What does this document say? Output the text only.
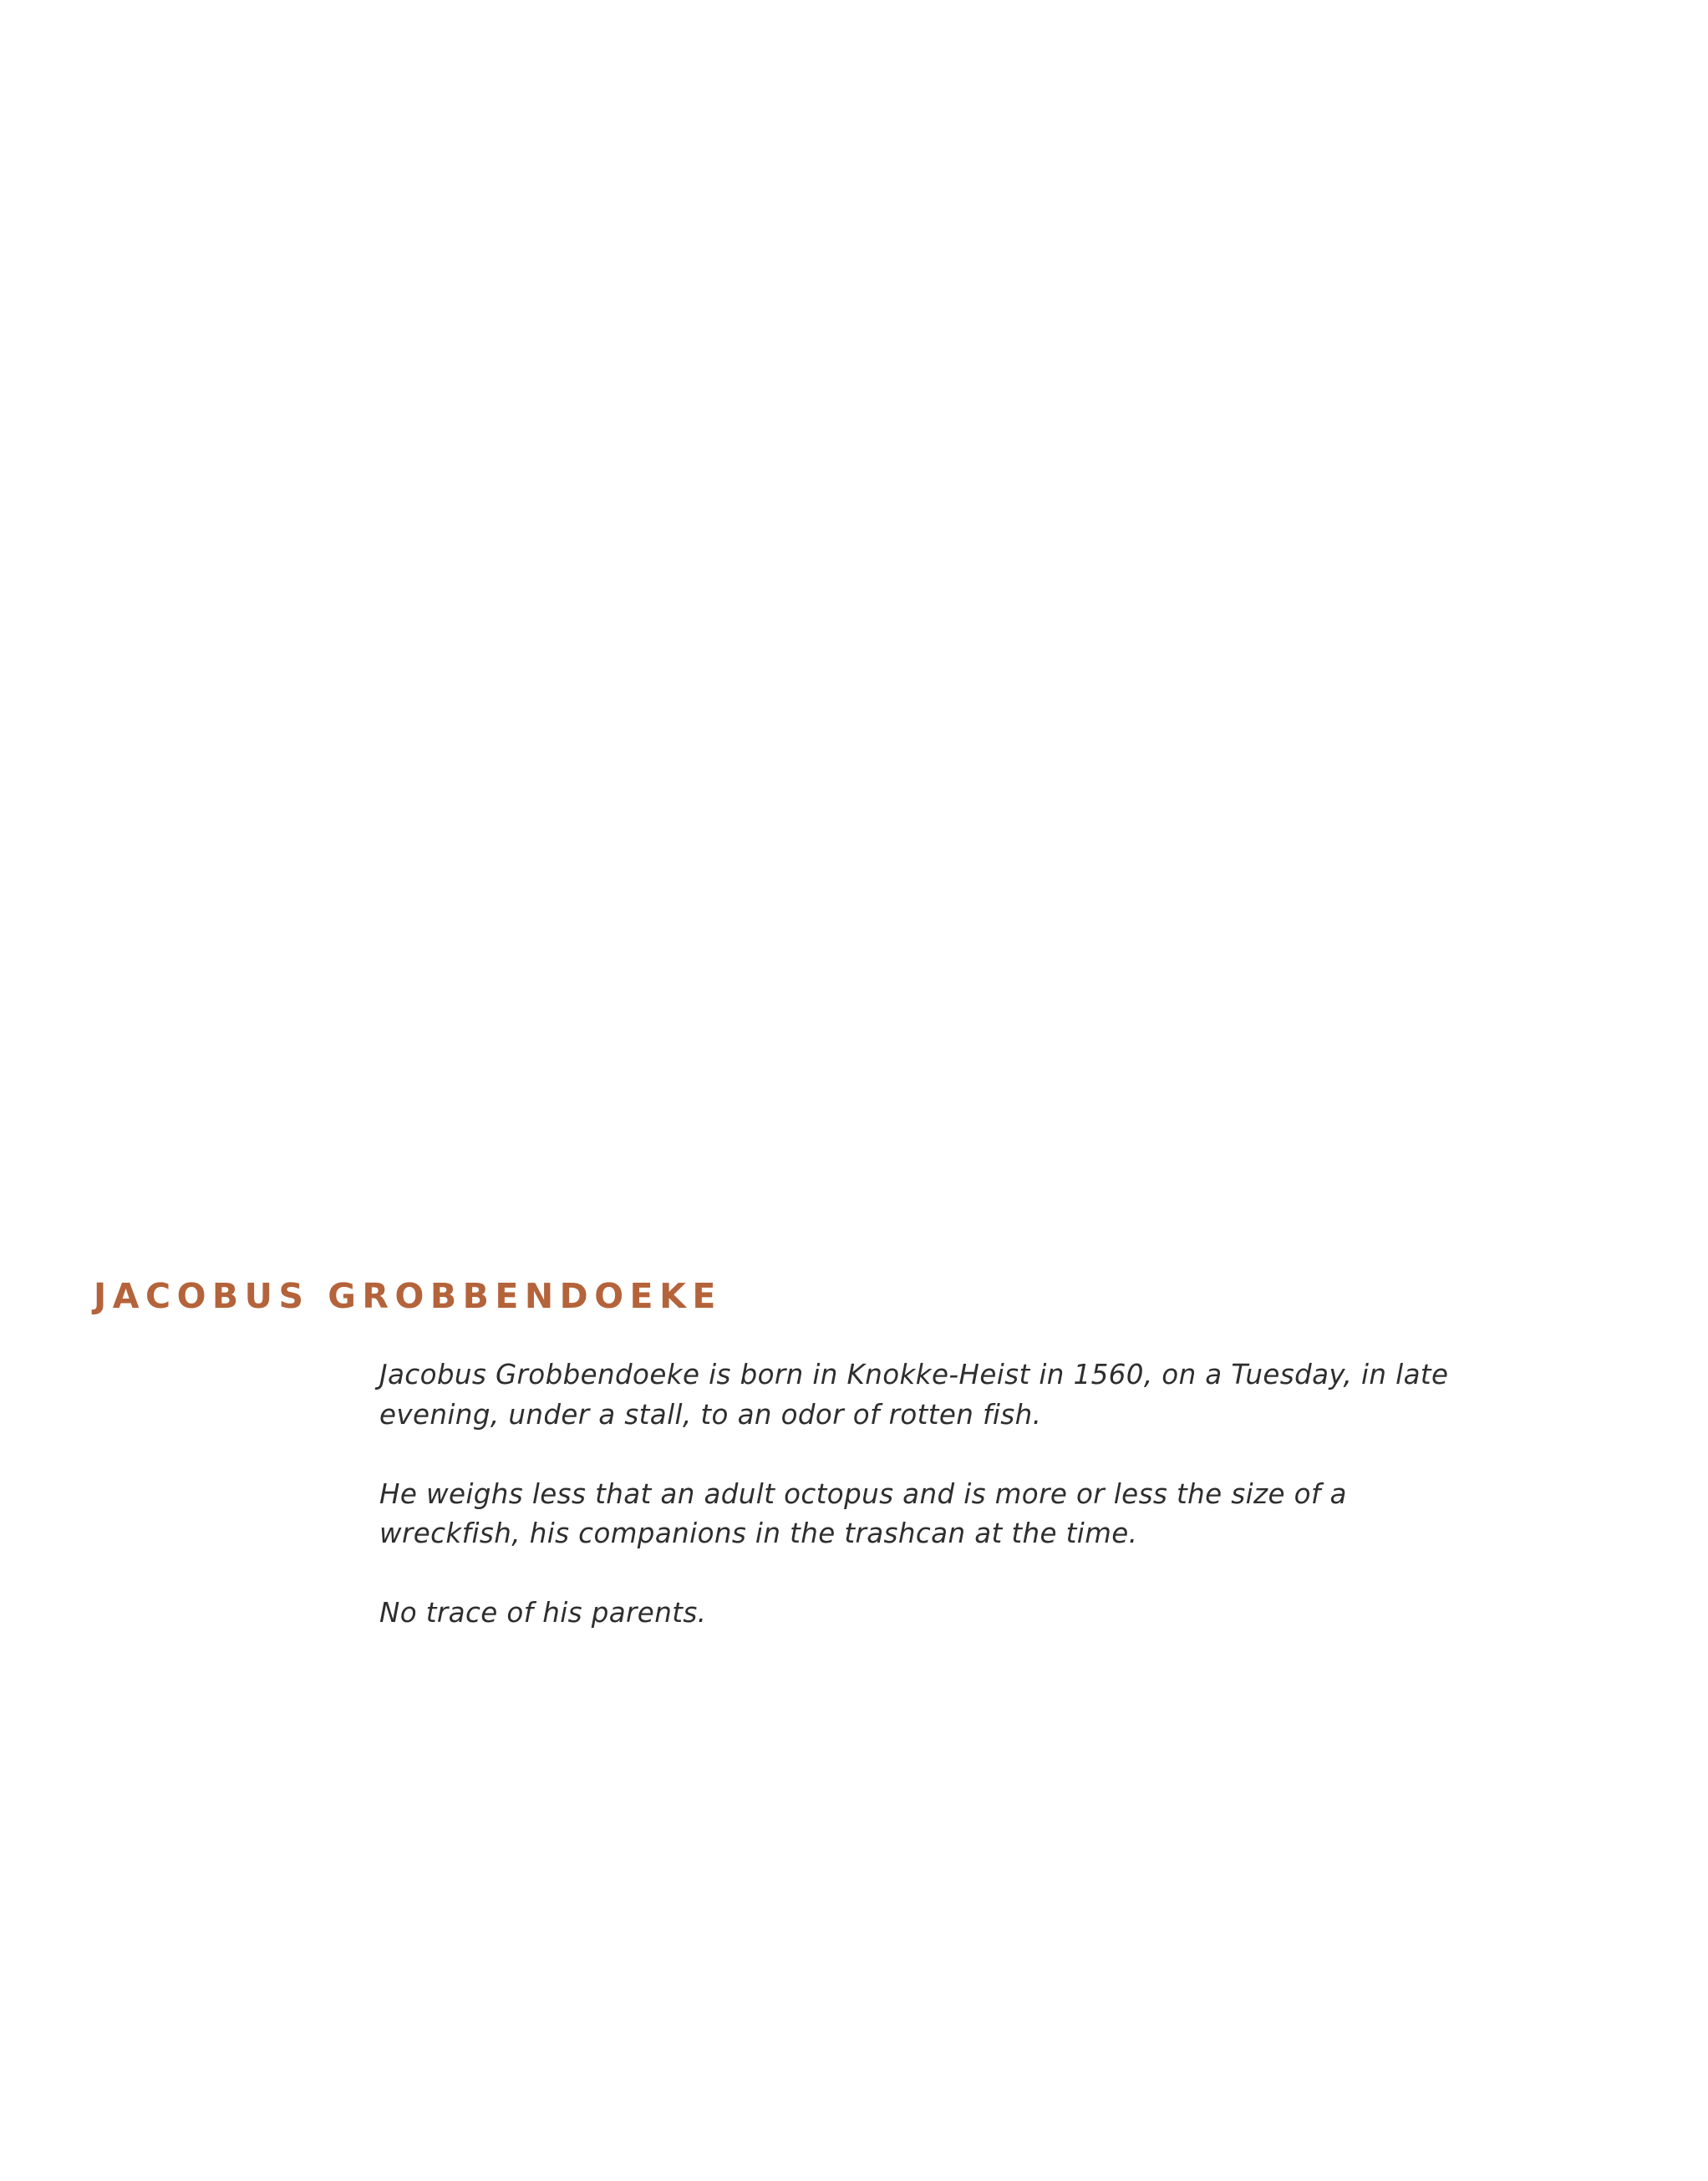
JACOBUS GROBBENDOEKE

Jacobus Grobbendoeke is born in Knokke-Heist in 1560, on a Tuesday, in late
evening, under a stall, to an odor of rotten fish.

He weighs less that an adult octopus and is more or less the size of a
wreckfish, his companions in the trashcan at the time.

No trace of his parents.
